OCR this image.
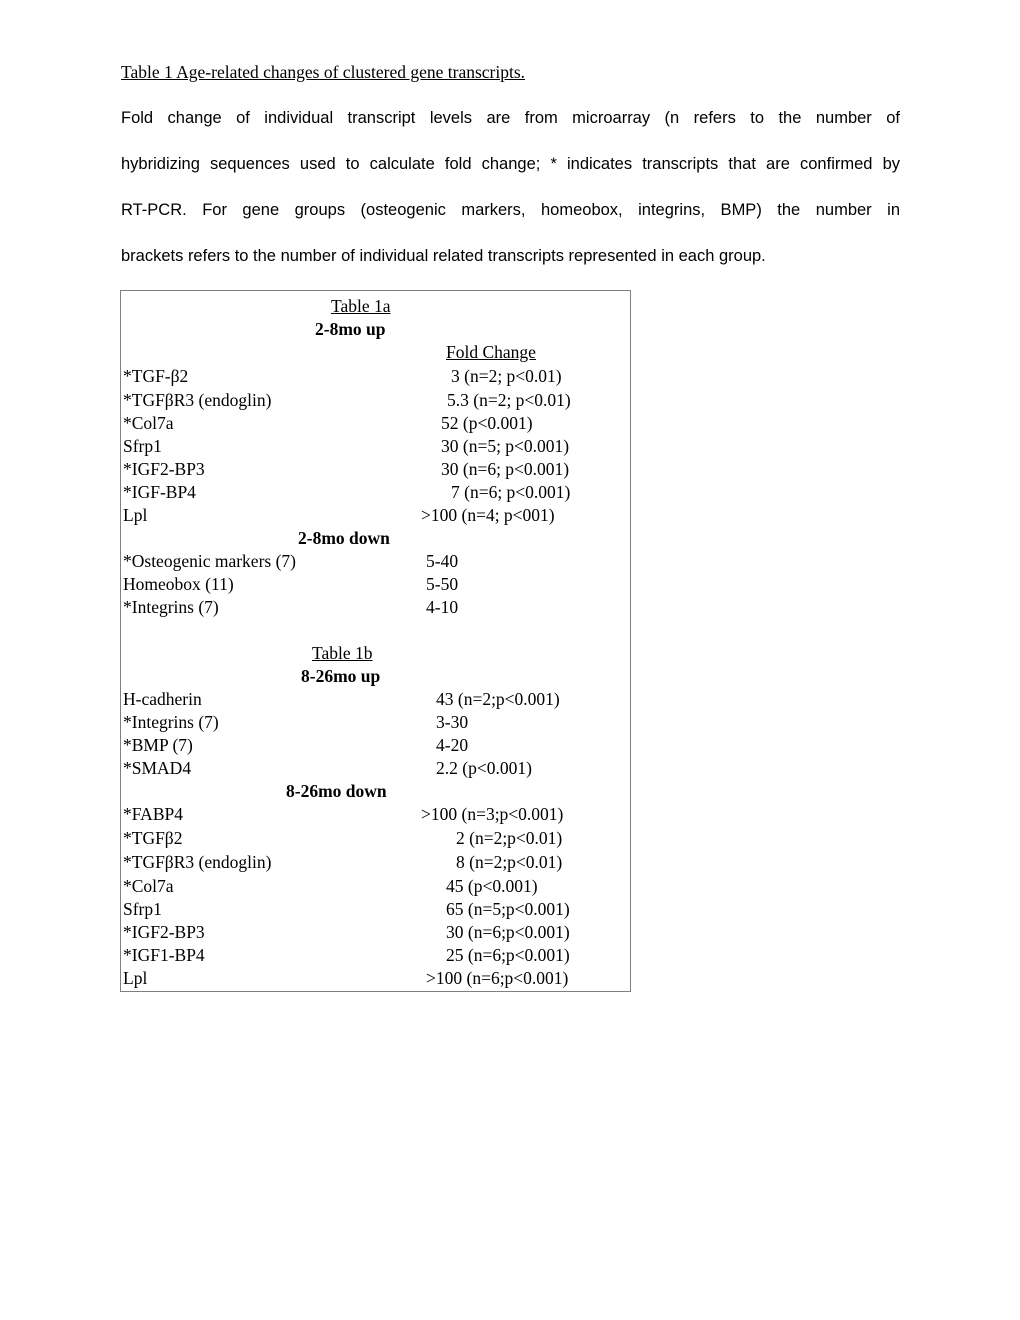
Table 1 Age-related changes of clustered gene transcripts.
Fold change of individual transcript levels are from microarray (n refers to the number of
hybridizing sequences used to calculate fold change; * indicates transcripts that are confirmed by
RT-PCR. For gene groups (osteogenic markers, homeobox, integrins, BMP) the number in
brackets refers to the number of individual related transcripts represented in each group.
Table 1a
2-8mo up
Fold Change
*TGF-β2	3 (n=2; p<0.01)
*TGFβR3 (endoglin)	5.3 (n=2; p<0.01)
*Col7a	52 (p<0.001)
Sfrp1	30 (n=5; p<0.001)
*IGF2-BP3	30 (n=6; p<0.001)
*IGF-BP4	7 (n=6; p<0.001)
Lpl	>100 (n=4; p<001)
2-8mo down
*Osteogenic markers (7)	5-40
Homeobox (11)	5-50
*Integrins (7)	4-10
Table 1b
8-26mo up
H-cadherin	43 (n=2;p<0.001)
*Integrins (7)	3-30
*BMP (7)	4-20
*SMAD4	2.2 (p<0.001)
8-26mo down
*FABP4	>100 (n=3;p<0.001)
*TGFβ2	2 (n=2;p<0.01)
*TGFβR3 (endoglin)	8 (n=2;p<0.01)
*Col7a	45 (p<0.001)
Sfrp1	65 (n=5;p<0.001)
*IGF2-BP3	30 (n=6;p<0.001)
*IGF1-BP4	25 (n=6;p<0.001)
Lpl	>100 (n=6;p<0.001)
